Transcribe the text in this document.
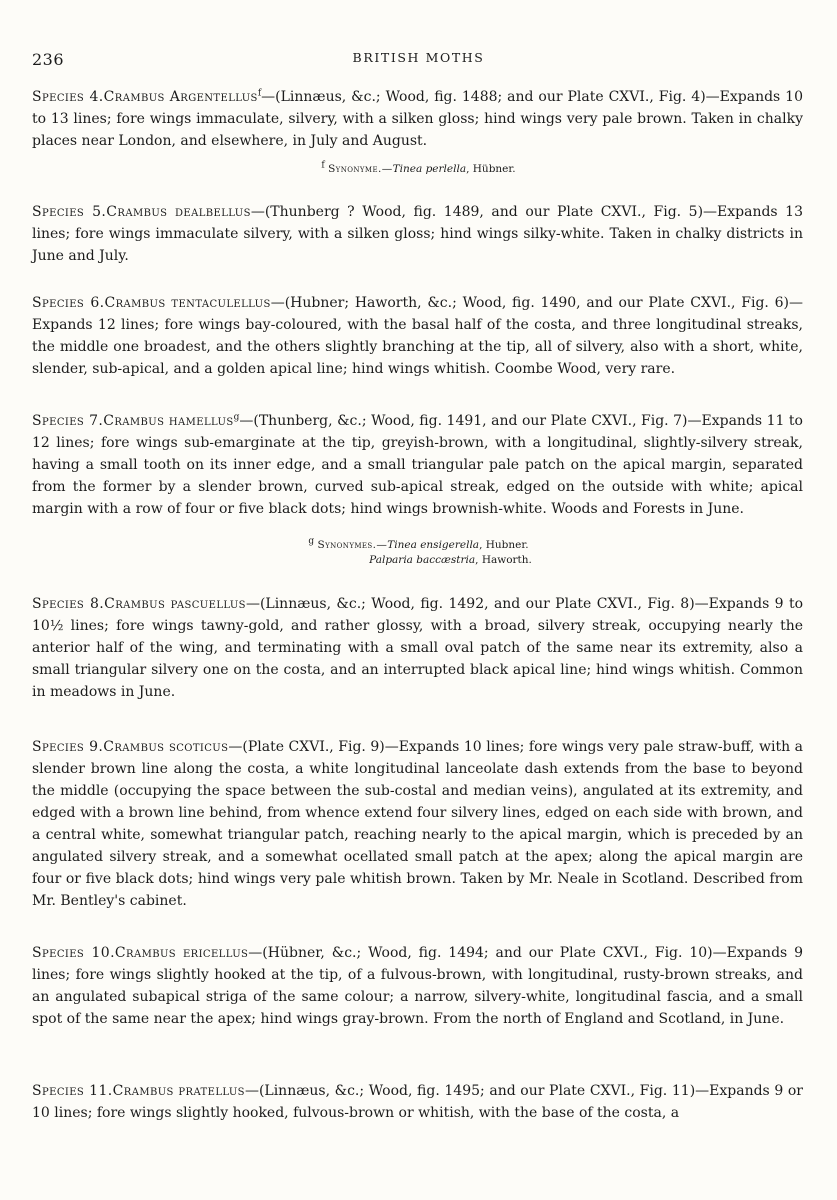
236	BRITISH MOTHS

Species 4.Crambus Argentellus$^f$—(Linnæus, &c.; Wood, fig. 1488; and our Plate CXVI., Fig. 4)—Expands 10 to 13 lines; fore wings immaculate, silvery, with a silken gloss; hind wings very pale brown. Taken in chalky places near London, and elsewhere, in July and August.

f Synonyme.—Tinea perlella, Hübner.

Species 5.Crambus dealbellus—(Thunberg ? Wood, fig. 1489, and our Plate CXVI., Fig. 5)—Expands 13 lines; fore wings immaculate silvery, with a silken gloss; hind wings silky-white. Taken in chalky districts in June and July.

Species 6.Crambus tentaculellus—(Hubner; Haworth, &c.; Wood, fig. 1490, and our Plate CXVI., Fig. 6)—Expands 12 lines; fore wings bay-coloured, with the basal half of the costa, and three longitudinal streaks, the middle one broadest, and the others slightly branching at the tip, all of silvery, also with a short, white, slender, sub-apical, and a golden apical line; hind wings whitish. Coombe Wood, very rare.

Species 7.Crambus hamellus$^g$—(Thunberg, &c.; Wood, fig. 1491, and our Plate CXVI., Fig. 7)—Expands 11 to 12 lines; fore wings sub-emarginate at the tip, greyish-brown, with a longitudinal, slightly-silvery streak, having a small tooth on its inner edge, and a small triangular pale patch on the apical margin, separated from the former by a slender brown, curved sub-apical streak, edged on the outside with white; apical margin with a row of four or five black dots; hind wings brownish-white. Woods and Forests in June.

g Synonymes.—Tinea ensigerella, Hubner.
Palparia baccæstria, Haworth.

Species 8.Crambus pascuellus—(Linnæus, &c.; Wood, fig. 1492, and our Plate CXVI., Fig. 8)—Expands 9 to 10½ lines; fore wings tawny-gold, and rather glossy, with a broad, silvery streak, occupying nearly the anterior half of the wing, and terminating with a small oval patch of the same near its extremity, also a small triangular silvery one on the costa, and an interrupted black apical line; hind wings whitish. Common in meadows in June.

Species 9.Crambus scoticus—(Plate CXVI., Fig. 9)—Expands 10 lines; fore wings very pale straw-buff, with a slender brown line along the costa, a white longitudinal lanceolate dash extends from the base to beyond the middle (occupying the space between the sub-costal and median veins), angulated at its extremity, and edged with a brown line behind, from whence extend four silvery lines, edged on each side with brown, and a central white, somewhat triangular patch, reaching nearly to the apical margin, which is preceded by an angulated silvery streak, and a somewhat ocellated small patch at the apex; along the apical margin are four or five black dots; hind wings very pale whitish brown. Taken by Mr. Neale in Scotland. Described from Mr. Bentley's cabinet.

Species 10.Crambus ericellus—(Hübner, &c.; Wood, fig. 1494; and our Plate CXVI., Fig. 10)—Expands 9 lines; fore wings slightly hooked at the tip, of a fulvous-brown, with longitudinal, rusty-brown streaks, and an angulated subapical striga of the same colour; a narrow, silvery-white, longitudinal fascia, and a small spot of the same near the apex; hind wings gray-brown. From the north of England and Scotland, in June.

Species 11.Crambus pratellus—(Linnæus, &c.; Wood, fig. 1495; and our Plate CXVI., Fig. 11)—Expands 9 or 10 lines; fore wings slightly hooked, fulvous-brown or whitish, with the base of the costa, a
